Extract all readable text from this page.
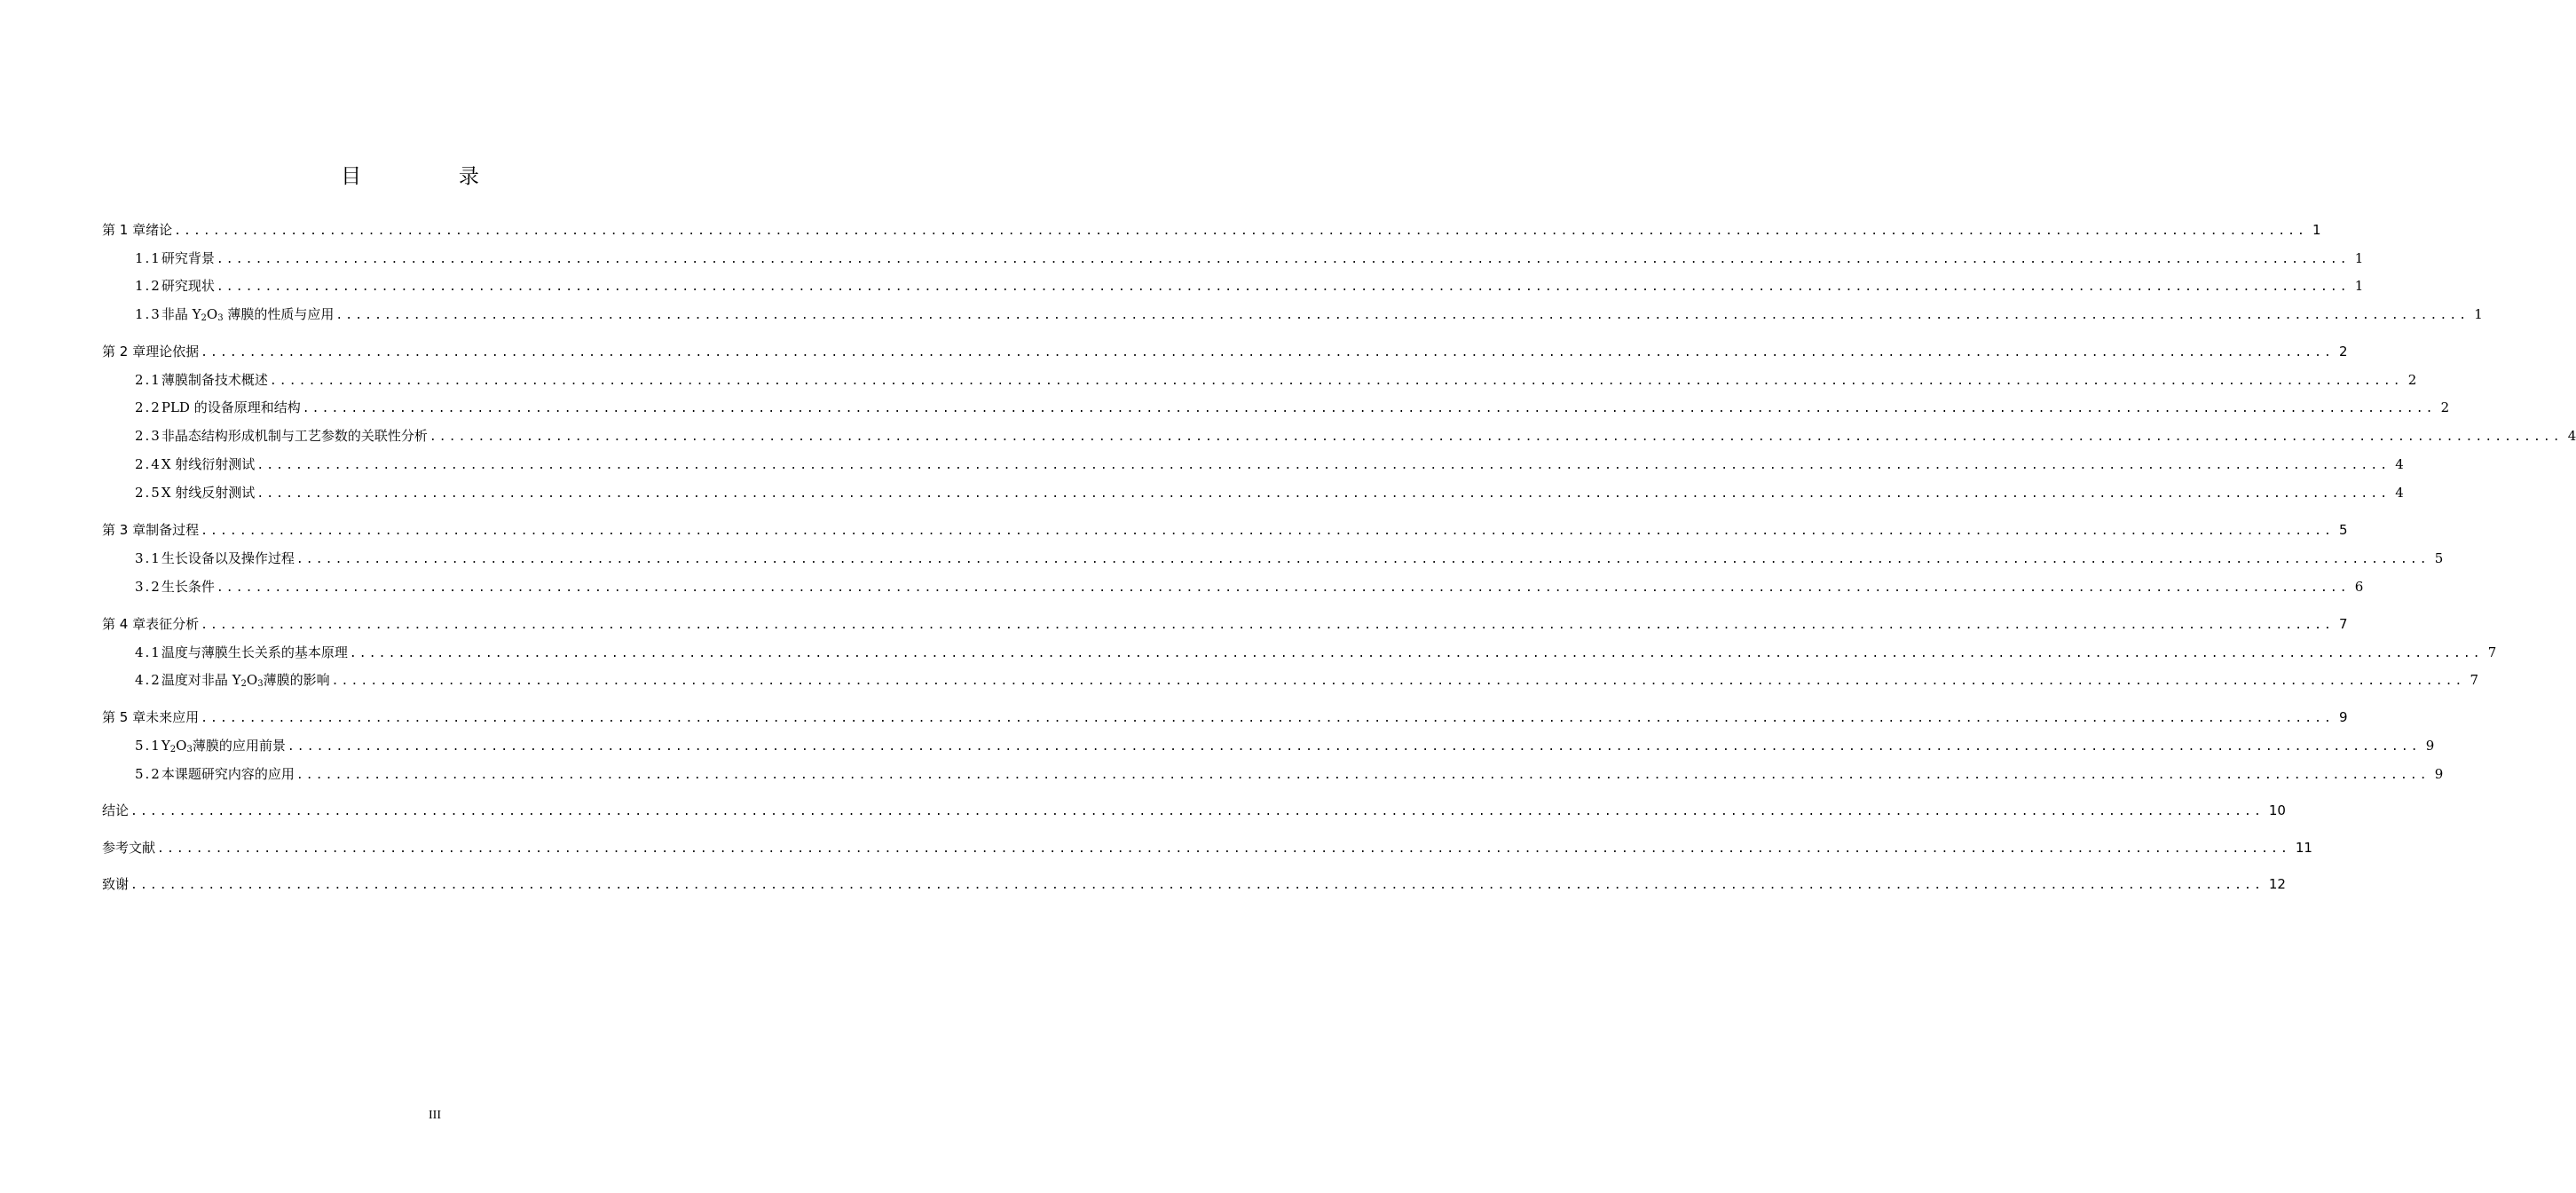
目 录
第 1 章 绪论 ............................................................................................................................................................................................................................ 1
1.1 研究背景 ............................................................................................................................................................................................................................ 1
1.2 研究现状 ............................................................................................................................................................................................................................ 1
1.3 非晶 $Y_2O_3$ 薄膜的性质与应用 ............................................................................................................................................................................................................................ 1
第 2 章 理论依据 ............................................................................................................................................................................................................................ 2
2.1 薄膜制备技术概述 ............................................................................................................................................................................................................................ 2
2.2 PLD 的设备原理和结构 ............................................................................................................................................................................................................................ 2
2.3 非晶态结构形成机制与工艺参数的关联性分析 ............................................................................................................................................................................................................................ 4
2.4 X 射线衍射测试 ............................................................................................................................................................................................................................ 4
2.5 X 射线反射测试 ............................................................................................................................................................................................................................ 4
第 3 章 制备过程 ............................................................................................................................................................................................................................ 5
3.1 生长设备以及操作过程 ............................................................................................................................................................................................................................ 5
3.2 生长条件 ............................................................................................................................................................................................................................ 6
第 4 章 表征分析 ............................................................................................................................................................................................................................ 7
4.1 温度与薄膜生长关系的基本原理 ............................................................................................................................................................................................................................ 7
4.2 温度对非晶 $Y_2O_3$薄膜的影响 ............................................................................................................................................................................................................................ 7
第 5 章 未来应用 ............................................................................................................................................................................................................................ 9
5.1 $Y_2O_3$薄膜的应用前景 ............................................................................................................................................................................................................................ 9
5.2 本课题研究内容的应用 ............................................................................................................................................................................................................................ 9
结论 ............................................................................................................................................................................................................................ 10
参考文献 ............................................................................................................................................................................................................................ 11
致谢 ............................................................................................................................................................................................................................ 12
III
